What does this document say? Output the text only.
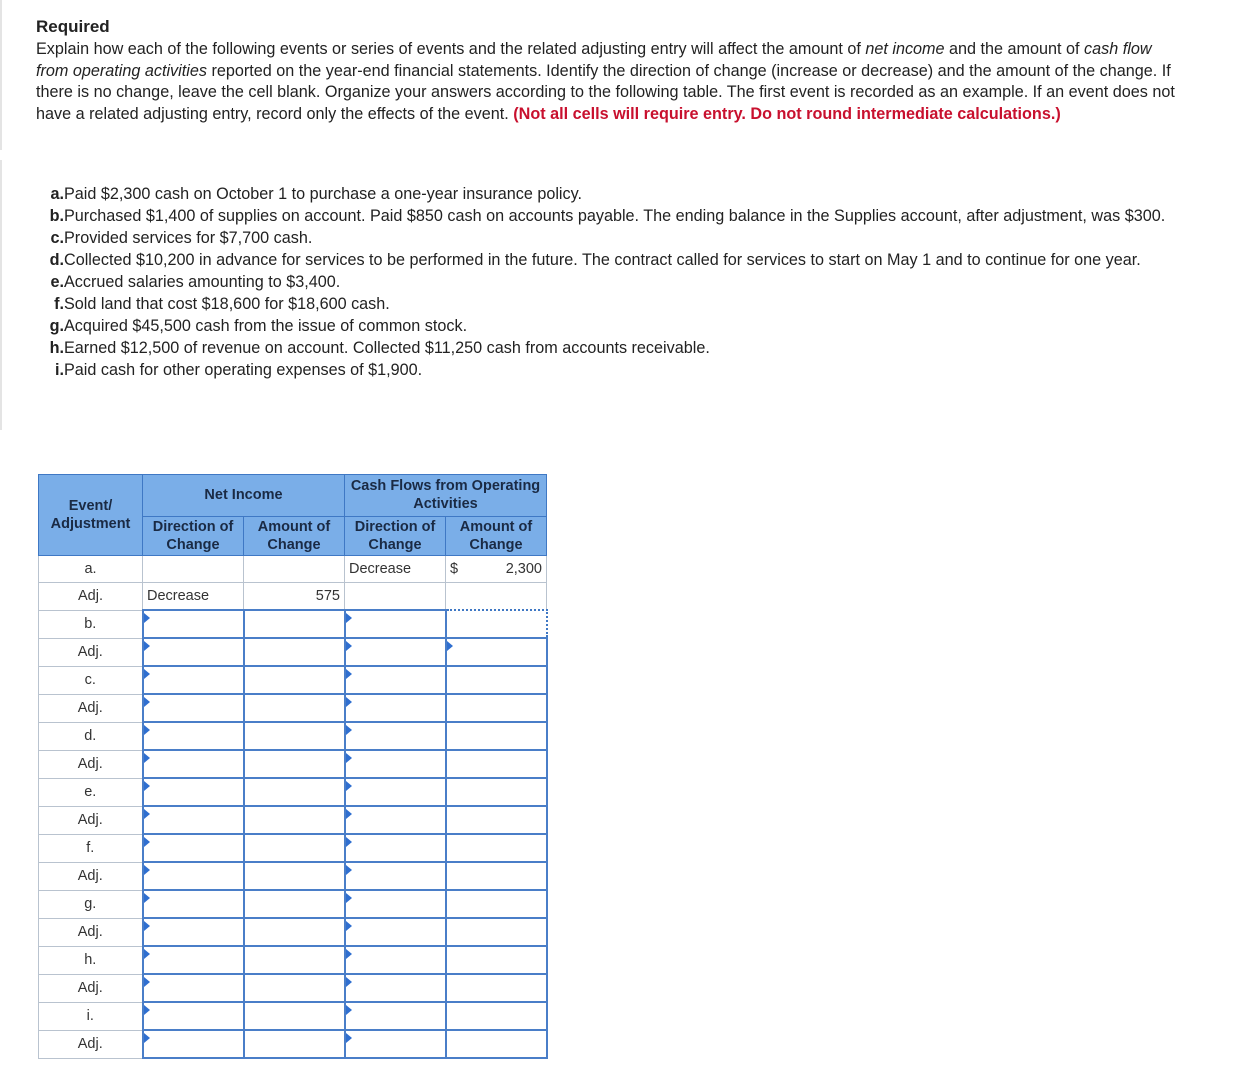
Required
Explain how each of the following events or series of events and the related adjusting entry will affect the amount of net income and the amount of cash flow from operating activities reported on the year-end financial statements. Identify the direction of change (increase or decrease) and the amount of the change. If there is no change, leave the cell blank. Organize your answers according to the following table. The first event is recorded as an example. If an event does not have a related adjusting entry, record only the effects of the event. (Not all cells will require entry. Do not round intermediate calculations.)
a. Paid $2,300 cash on October 1 to purchase a one-year insurance policy.
b. Purchased $1,400 of supplies on account. Paid $850 cash on accounts payable. The ending balance in the Supplies account, after adjustment, was $300.
c. Provided services for $7,700 cash.
d. Collected $10,200 in advance for services to be performed in the future. The contract called for services to start on May 1 and to continue for one year.
e. Accrued salaries amounting to $3,400.
f. Sold land that cost $18,600 for $18,600 cash.
g. Acquired $45,500 cash from the issue of common stock.
h. Earned $12,500 of revenue on account. Collected $11,250 cash from accounts receivable.
i. Paid cash for other operating expenses of $1,900.
Event/ Adjustment	Net Income		Cash Flows from Operating Activities	
	Direction of Change	Amount of Change	Direction of Change	Amount of Change
a.			Decrease	$ 2,300

Adj.	Decrease	575		
b.				
Adj.				
c.				
Adj.				
d.				
Adj.				
e.				
Adj.				
f.				
Adj.				
g.				
Adj.				
h.				
Adj.				
i.				
Adj.				
